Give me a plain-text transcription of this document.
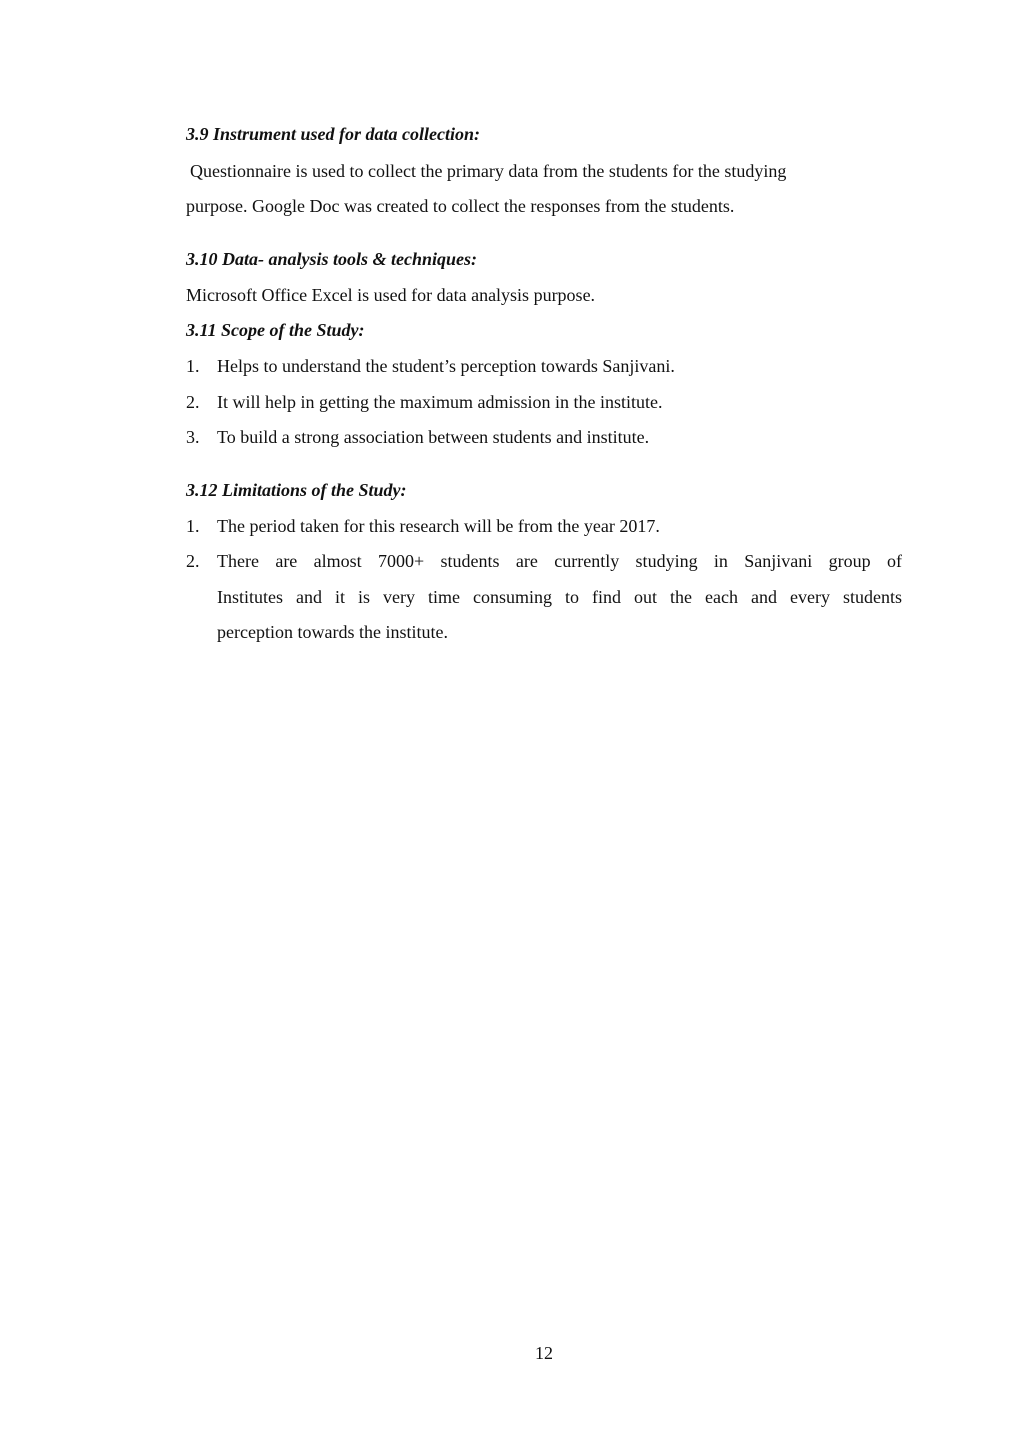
3.9 Instrument used for data collection:
Questionnaire is used to collect the primary data from the students for the studying
purpose. Google Doc was created to collect the responses from the students.
3.10 Data- analysis tools & techniques:
Microsoft Office Excel is used for data analysis purpose.
3.11 Scope of the Study:
1. Helps to understand the student’s perception towards Sanjivani.
2. It will help in getting the maximum admission in the institute.
3. To build a strong association between students and institute.
3.12 Limitations of the Study:
1. The period taken for this research will be from the year 2017.
2. There are almost 7000+ students are currently studying in Sanjivani group of
Institutes and it is very time consuming to find out the each and every students
perception towards the institute.
12
